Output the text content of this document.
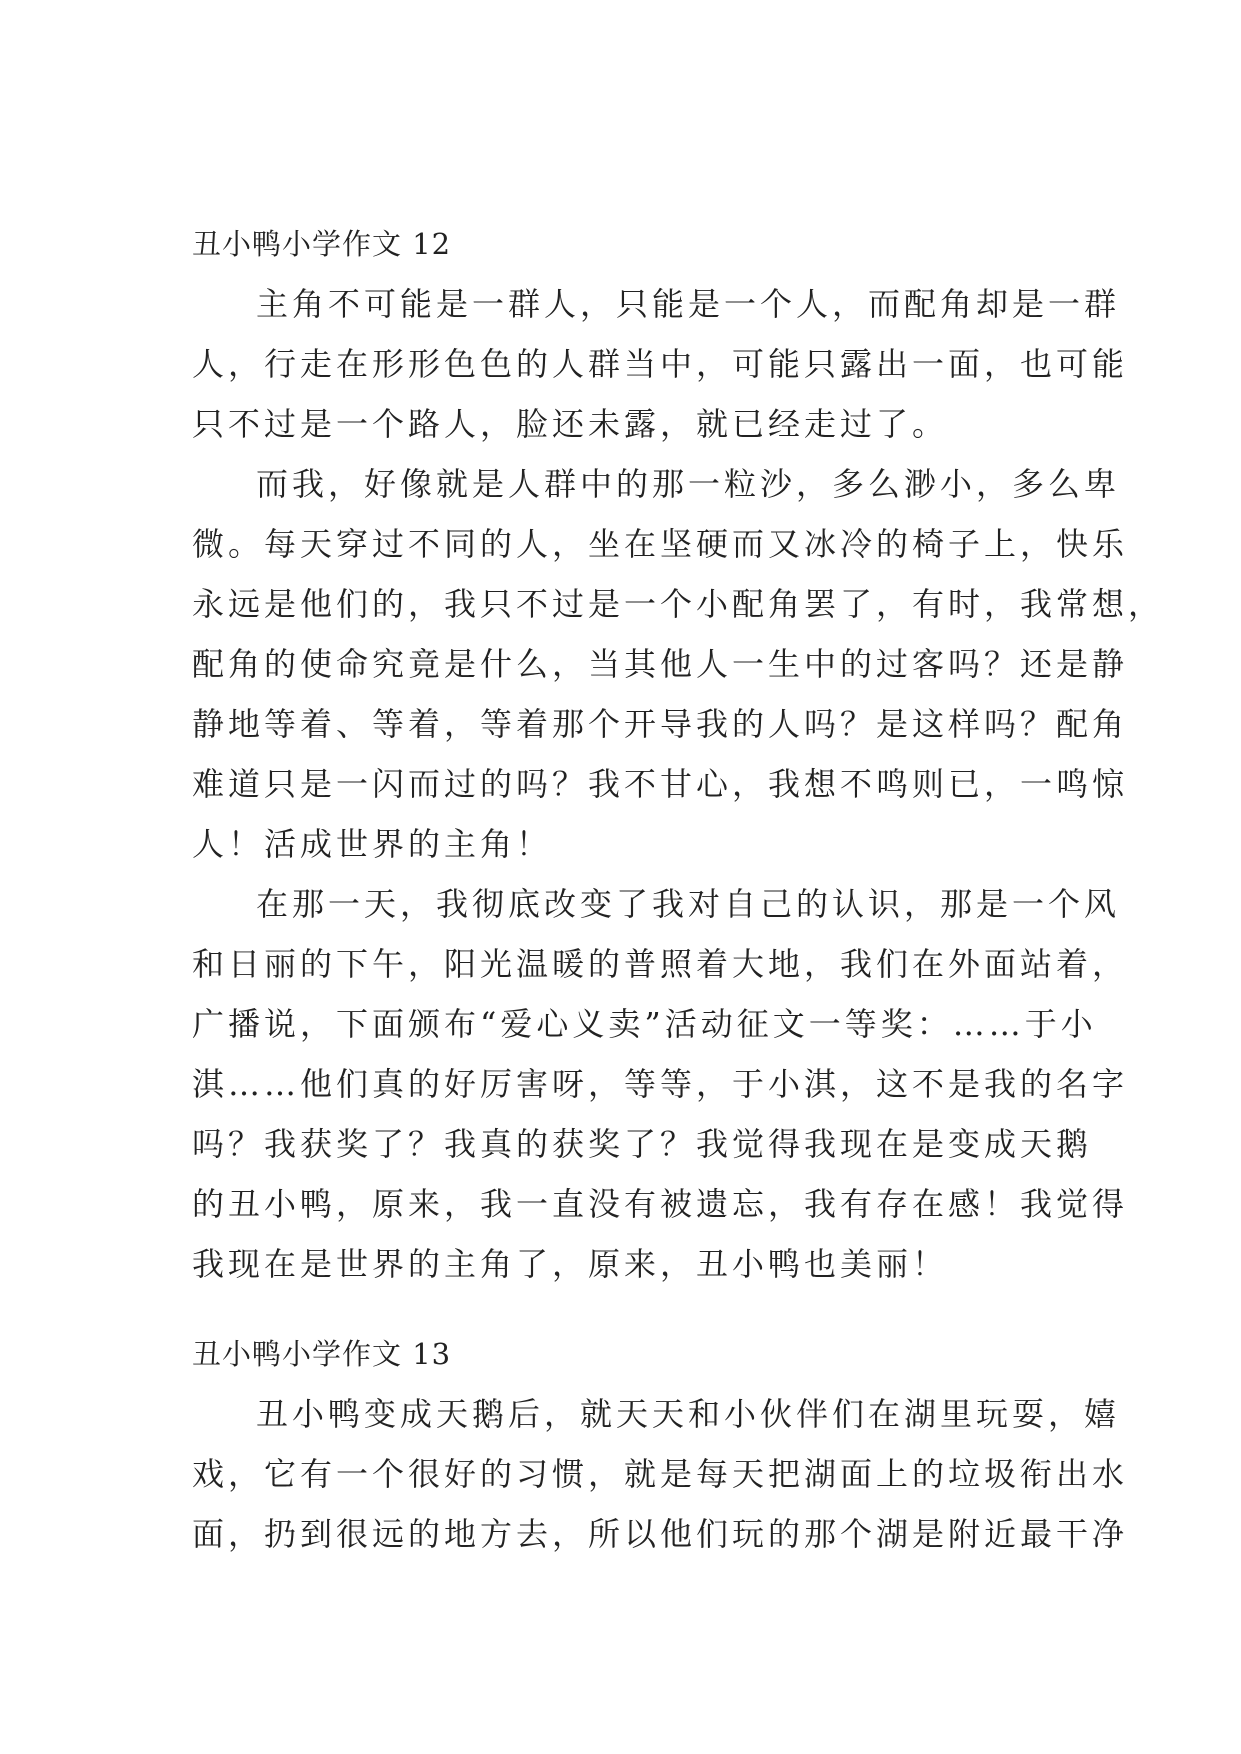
丑小鸭小学作文 12
主角不可能是一群人，只能是一个人，而配角却是一群
人，行走在形形色色的人群当中，可能只露出一面，也可能
只不过是一个路人，脸还未露，就已经走过了。
而我，好像就是人群中的那一粒沙，多么渺小，多么卑
微。每天穿过不同的人，坐在坚硬而又冰冷的椅子上，快乐
永远是他们的，我只不过是一个小配角罢了，有时，我常想，
配角的使命究竟是什么，当其他人一生中的过客吗？还是静
静地等着、等着，等着那个开导我的人吗？是这样吗？配角
难道只是一闪而过的吗？我不甘心，我想不鸣则已，一鸣惊
人！活成世界的主角！
在那一天，我彻底改变了我对自己的认识，那是一个风
和日丽的下午，阳光温暖的普照着大地，我们在外面站着，
广播说，下面颁布“爱心义卖”活动征文一等奖：……于小
淇……他们真的好厉害呀，等等，于小淇，这不是我的名字
吗？我获奖了？我真的获奖了？我觉得我现在是变成天鹅
的丑小鸭，原来，我一直没有被遗忘，我有存在感！我觉得
我现在是世界的主角了，原来，丑小鸭也美丽！
丑小鸭小学作文 13
丑小鸭变成天鹅后，就天天和小伙伴们在湖里玩耍，嬉
戏，它有一个很好的习惯，就是每天把湖面上的垃圾衔出水
面，扔到很远的地方去，所以他们玩的那个湖是附近最干净
